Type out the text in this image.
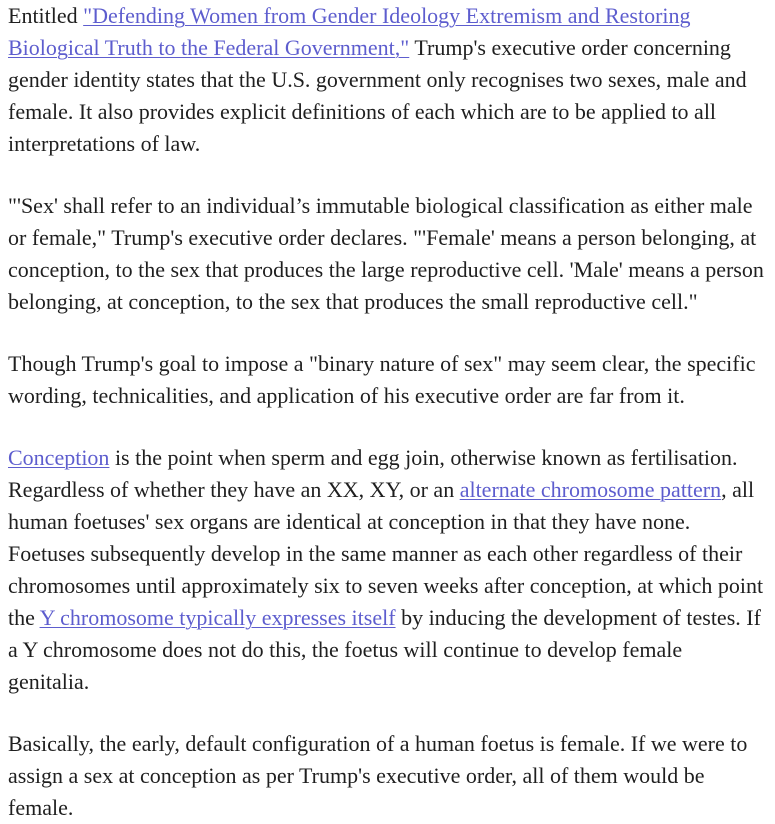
Entitled "Defending Women from Gender Ideology Extremism and Restoring Biological Truth to the Federal Government," Trump's executive order concerning gender identity states that the U.S. government only recognises two sexes, male and female. It also provides explicit definitions of each which are to be applied to all interpretations of law.

"'Sex' shall refer to an individual’s immutable biological classification as either male or female," Trump's executive order declares. "'Female' means a person belonging, at conception, to the sex that produces the large reproductive cell. 'Male' means a person belonging, at conception, to the sex that produces the small reproductive cell."

Though Trump's goal to impose a "binary nature of sex" may seem clear, the specific wording, technicalities, and application of his executive order are far from it.

Conception is the point when sperm and egg join, otherwise known as fertilisation. Regardless of whether they have an XX, XY, or an alternate chromosome pattern, all human foetuses' sex organs are identical at conception in that they have none. Foetuses subsequently develop in the same manner as each other regardless of their chromosomes until approximately six to seven weeks after conception, at which point the Y chromosome typically expresses itself by inducing the development of testes. If a Y chromosome does not do this, the foetus will continue to develop female genitalia.

Basically, the early, default configuration of a human foetus is female. If we were to assign a sex at conception as per Trump's executive order, all of them would be female.
